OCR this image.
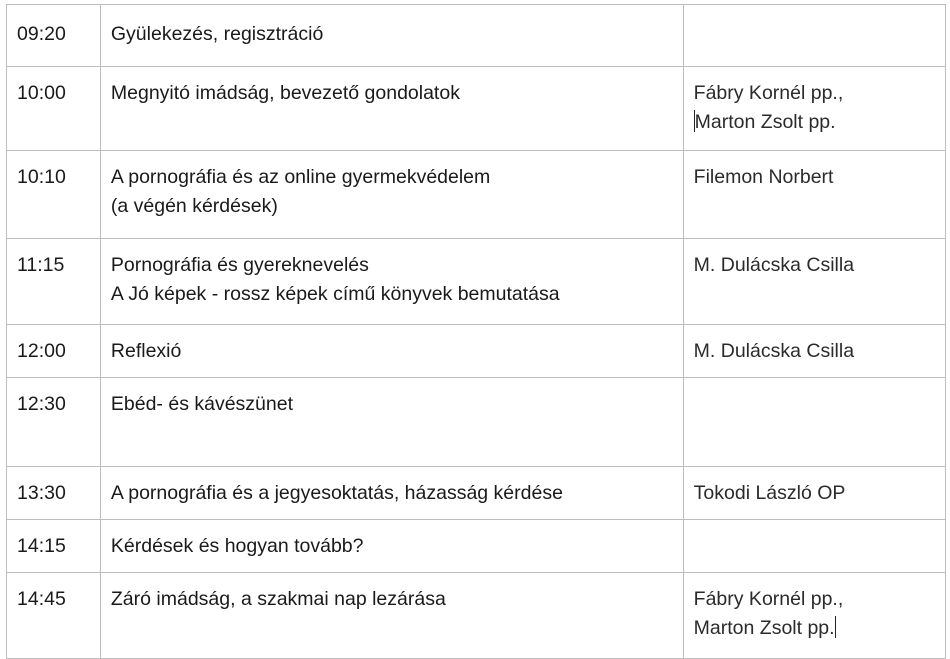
09:20	Gyülekezés, regisztráció	

10:00	Megnyitó imádság, bevezető gondolatok	Fábry Kornél pp.,
Marton Zsolt pp.

10:10	A pornográfia és az online gyermekvédelem
(a végén kérdések)	Filemon Norbert

11:15	Pornográfia és gyereknevelés
A Jó képek - rossz képek című könyvek bemutatása	M. Dulácska Csilla

12:00	Reflexió	M. Dulácska Csilla

12:30	Ebéd- és kávészünet	

13:30	A pornográfia és a jegyesoktatás, házasság kérdése	Tokodi László OP

14:15	Kérdések és hogyan tovább?	

14:45	Záró imádság, a szakmai nap lezárása	Fábry Kornél pp.,
Marton Zsolt pp.
